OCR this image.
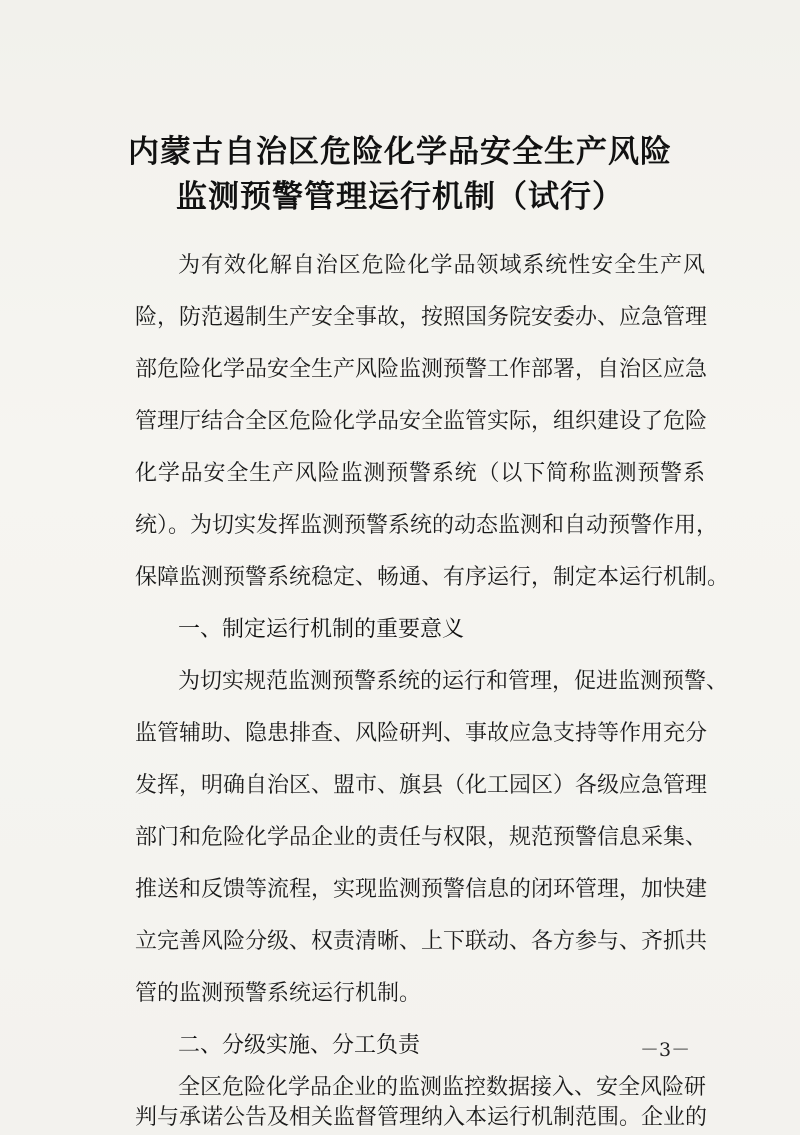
内蒙古自治区危险化学品安全生产风险
监测预警管理运行机制（试行）
为有效化解自治区危险化学品领域系统性安全生产风
险，防范遏制生产安全事故，按照国务院安委办、应急管理
部危险化学品安全生产风险监测预警工作部署，自治区应急
管理厅结合全区危险化学品安全监管实际，组织建设了危险
化学品安全生产风险监测预警系统（以下简称监测预警系
统）。为切实发挥监测预警系统的动态监测和自动预警作用，
保障监测预警系统稳定、畅通、有序运行，制定本运行机制。
一、制定运行机制的重要意义
为切实规范监测预警系统的运行和管理，促进监测预警、
监管辅助、隐患排查、风险研判、事故应急支持等作用充分
发挥，明确自治区、盟市、旗县（化工园区）各级应急管理
部门和危险化学品企业的责任与权限，规范预警信息采集、
推送和反馈等流程，实现监测预警信息的闭环管理，加快建
立完善风险分级、权责清晰、上下联动、各方参与、齐抓共
管的监测预警系统运行机制。
二、分级实施、分工负责
全区危险化学品企业的监测监控数据接入、安全风险研
判与承诺公告及相关监督管理纳入本运行机制范围。企业的
－3－
